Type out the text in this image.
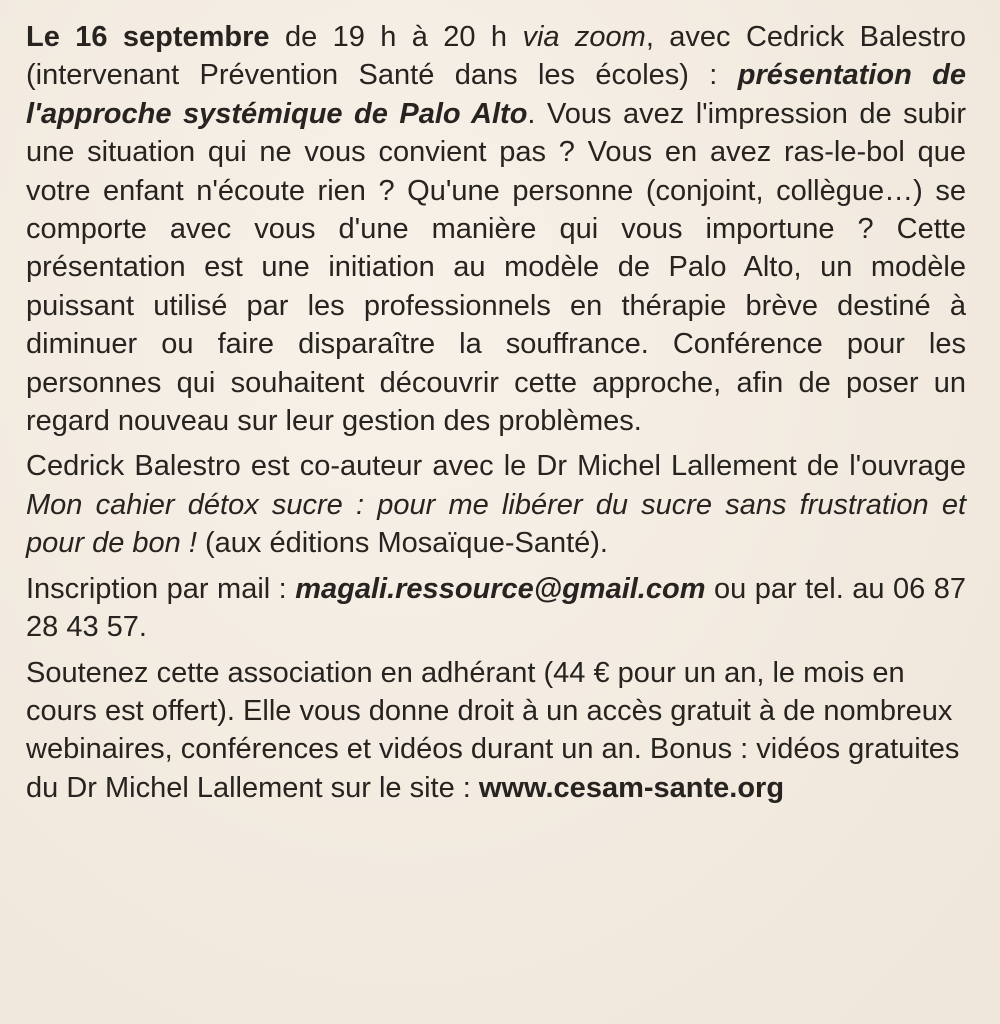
Le 16 septembre de 19 h à 20 h via zoom, avec Cedrick Balestro (intervenant Prévention Santé dans les écoles) : présentation de l'approche systémique de Palo Alto. Vous avez l'impression de subir une situation qui ne vous convient pas ? Vous en avez ras-le-bol que votre enfant n'écoute rien ? Qu'une personne (conjoint, collègue…) se comporte avec vous d'une manière qui vous importune ? Cette présentation est une initiation au modèle de Palo Alto, un modèle puissant utilisé par les professionnels en thérapie brève destiné à diminuer ou faire disparaître la souffrance. Conférence pour les personnes qui souhaitent découvrir cette approche, afin de poser un regard nouveau sur leur gestion des problèmes.

Cedrick Balestro est co-auteur avec le Dr Michel Lallement de l'ouvrage Mon cahier détox sucre : pour me libérer du sucre sans frustration et pour de bon ! (aux éditions Mosaïque-Santé).

Inscription par mail : magali.ressource@gmail.com ou par tel. au 06 87 28 43 57.

Soutenez cette association en adhérant (44 € pour un an, le mois en cours est offert). Elle vous donne droit à un accès gratuit à de nombreux webinaires, conférences et vidéos durant un an. Bonus : vidéos gratuites du Dr Michel Lallement sur le site : www.cesam-sante.org
